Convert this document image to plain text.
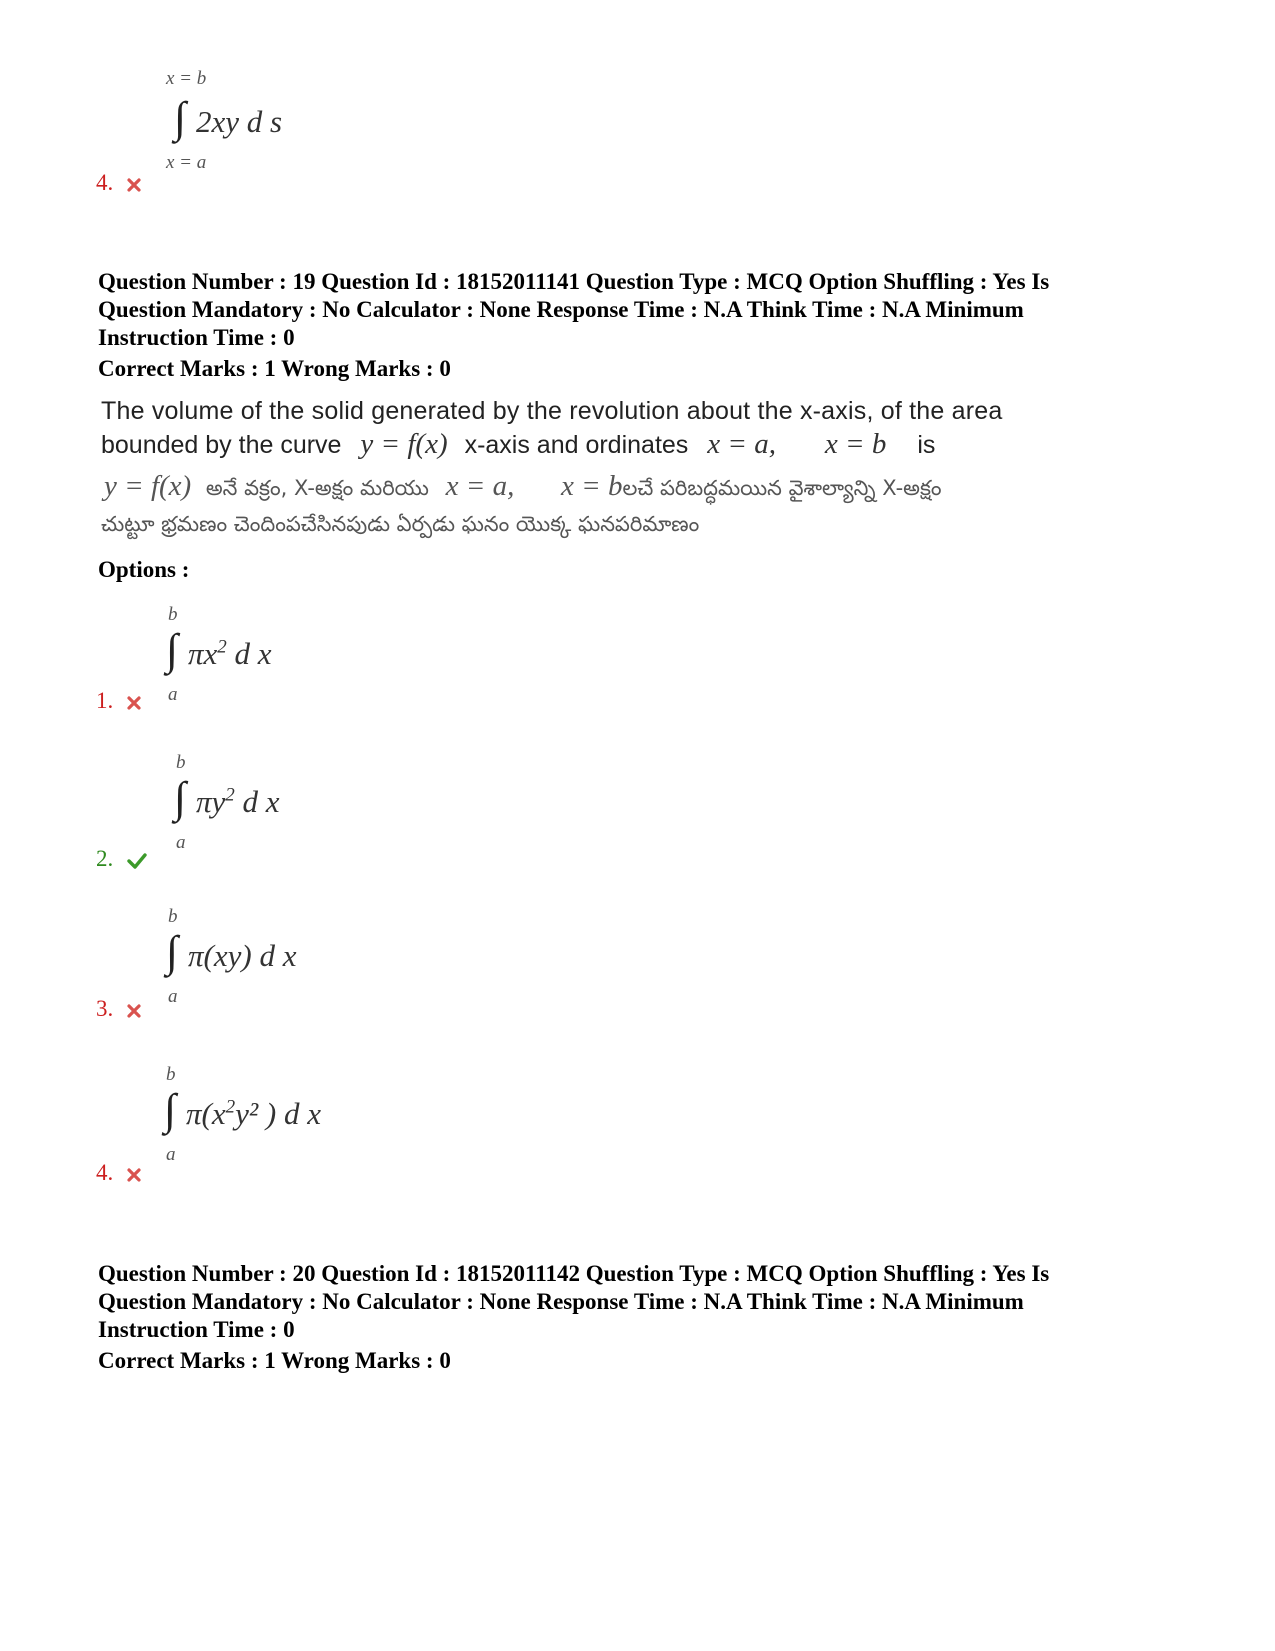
x = b
∫ 2xy d s
x = a
4.
Question Number : 19 Question Id : 18152011141 Question Type : MCQ Option Shuffling : Yes Is
Question Mandatory : No Calculator : None Response Time : N.A Think Time : N.A Minimum
Instruction Time : 0
Correct Marks : 1 Wrong Marks : 0
The volume of the solid generated by the revolution about the x-axis, of the area
bounded by the curve y = f(x) x-axis and ordinates x = a, x = b is
y = f(x) అనే వక్రం, X-అక్షం మరియు x = a, x = bలచే పరిబద్ధమయిన వైశాల్యాన్ని X-అక్షం
చుట్టూ భ్రమణం చెందింపచేసినపుడు ఏర్పడు ఘనం యొక్క ఘనపరిమాణం
Options :
b
∫ $\pi x^2$ d x
a
1.
b
∫ $\pi y^2$ d x
a
2.
b
∫ π(xy) d x
a
3.
b
∫ $\pi(x^2y^2$ ) d x
a
4.
Question Number : 20 Question Id : 18152011142 Question Type : MCQ Option Shuffling : Yes Is
Question Mandatory : No Calculator : None Response Time : N.A Think Time : N.A Minimum
Instruction Time : 0
Correct Marks : 1 Wrong Marks : 0
